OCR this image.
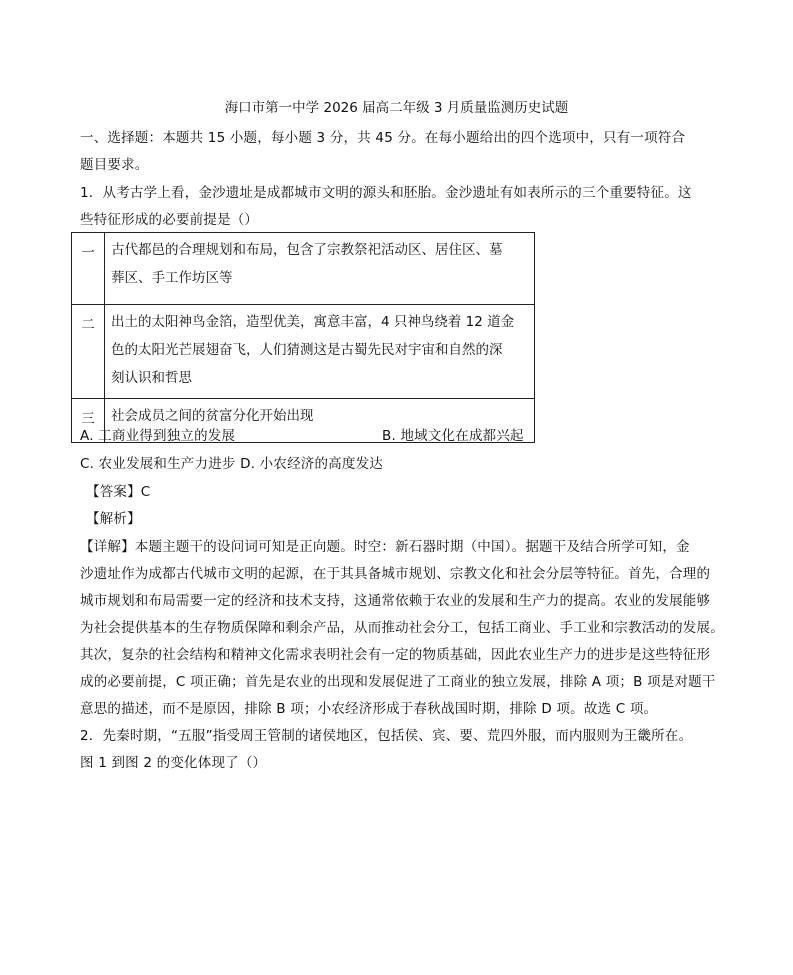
海口市第一中学 2026 届高二年级 3 月质量监测历史试题
一、选择题：本题共 15 小题，每小题 3 分，共 45 分。在每小题给出的四个选项中，只有一项符合
题目要求。
1．从考古学上看，金沙遗址是成都城市文明的源头和胚胎。金沙遗址有如表所示的三个重要特征。这
些特征形成的必要前提是（）
一	古代都邑的合理规划和布局，包含了宗教祭祀活动区、居住区、墓
葬区、手工作坊区等

二	出土的太阳神鸟金箔，造型优美，寓意丰富，4 只神鸟绕着 12 道金
色的太阳光芒展翅奋飞，人们猜测这是古蜀先民对宇宙和自然的深
刻认识和哲思

三	社会成员之间的贫富分化开始出现
A. 工商业得到独立的发展	B. 地域文化在成都兴起
C. 农业发展和生产力进步 D. 小农经济的高度发达
【答案】C
【解析】
【详解】本题主题干的设问词可知是正向题。时空：新石器时期（中国）。据题干及结合所学可知，金
沙遗址作为成都古代城市文明的起源，在于其具备城市规划、宗教文化和社会分层等特征。首先，合理的
城市规划和布局需要一定的经济和技术支持，这通常依赖于农业的发展和生产力的提高。农业的发展能够
为社会提供基本的生存物质保障和剩余产品，从而推动社会分工，包括工商业、手工业和宗教活动的发展。
其次，复杂的社会结构和精神文化需求表明社会有一定的物质基础，因此农业生产力的进步是这些特征形
成的必要前提，C 项正确；首先是农业的出现和发展促进了工商业的独立发展，排除 A 项；B 项是对题干
意思的描述，而不是原因，排除 B 项；小农经济形成于春秋战国时期，排除 D 项。故选 C 项。
2．先秦时期，“五服”指受周王管制的诸侯地区，包括侯、宾、要、荒四外服，而内服则为王畿所在。
图 1 到图 2 的变化体现了（）
